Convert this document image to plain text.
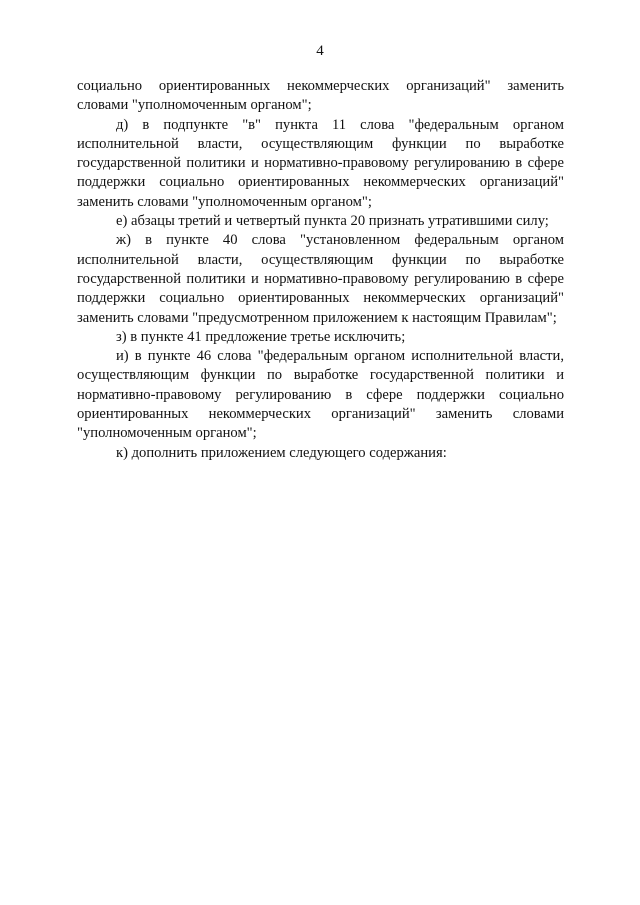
4

социально ориентированных некоммерческих организаций" заменить словами "уполномоченным органом";

д) в подпункте "в" пункта 11 слова "федеральным органом исполнительной власти, осуществляющим функции по выработке государственной политики и нормативно-правовому регулированию в сфере поддержки социально ориентированных некоммерческих организаций" заменить словами "уполномоченным органом";

е) абзацы третий и четвертый пункта 20 признать утратившими силу;

ж) в пункте 40 слова "установленном федеральным органом исполнительной власти, осуществляющим функции по выработке государственной политики и нормативно-правовому регулированию в сфере поддержки социально ориентированных некоммерческих организаций" заменить словами "предусмотренном приложением к настоящим Правилам";

з) в пункте 41 предложение третье исключить;

и) в пункте 46 слова "федеральным органом исполнительной власти, осуществляющим функции по выработке государственной политики и нормативно-правовому регулированию в сфере поддержки социально ориентированных некоммерческих организаций" заменить словами "уполномоченным органом";

к) дополнить приложением следующего содержания:
